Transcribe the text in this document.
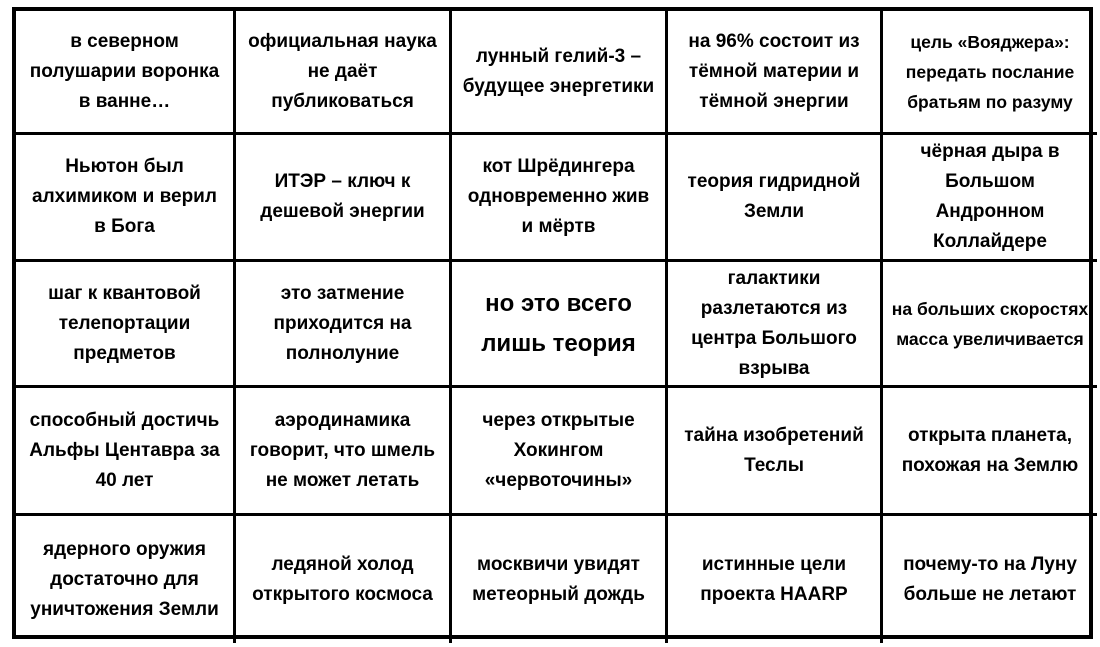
в северном полушарии воронка в ванне…
официальная наука не даёт публиковаться
лунный гелий-3 – будущее энергетики
на 96% состоит из тёмной материи и тёмной энергии
цель «Вояджера»: передать послание братьям по разуму
Ньютон был алхимиком и верил в Бога
ИТЭР – ключ к дешевой энергии
кот Шрёдингера одновременно жив и мёртв
теория гидридной Земли
чёрная дыра в Большом Андронном Коллайдере
шаг к квантовой телепортации предметов
это затмение приходится на полнолуние
но это всего лишь теория
галактики разлетаются из центра Большого взрыва
на больших скоростях масса увеличивается
способный достичь Альфы Центавра за 40 лет
аэродинамика говорит, что шмель не может летать
через открытые Хокингом «червоточины»
тайна изобретений Теслы
открыта планета, похожая на Землю
ядерного оружия достаточно для уничтожения Земли
ледяной холод открытого космоса
москвичи увидят метеорный дождь
истинные цели проекта HAARP
почему-то на Луну больше не летают
